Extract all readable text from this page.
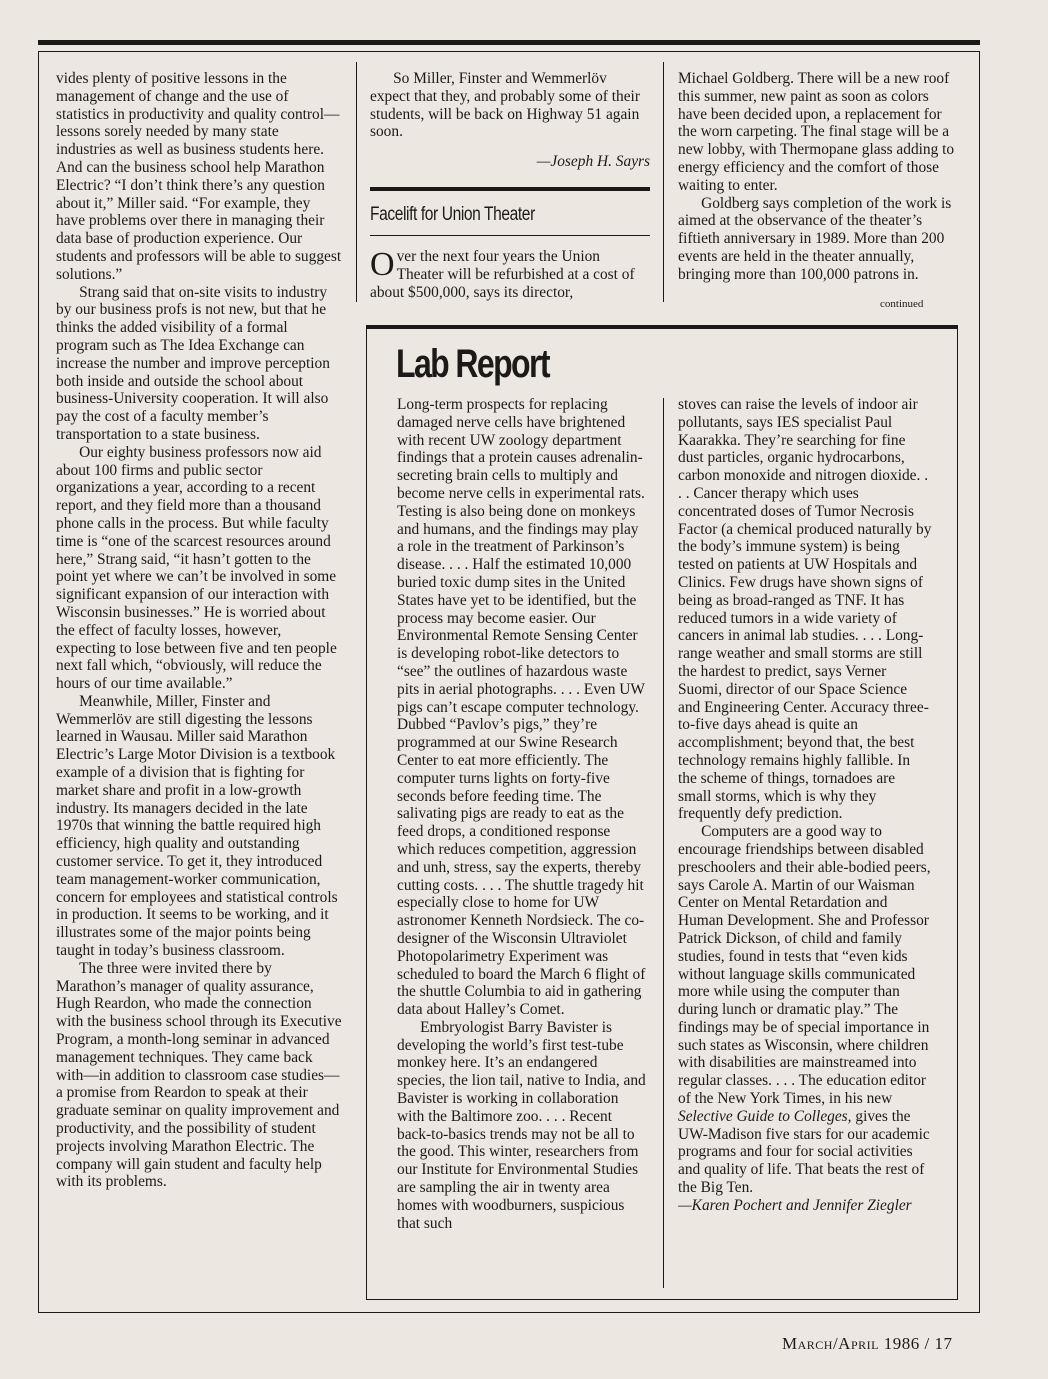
vides plenty of positive lessons in the management of change and the use of statistics in productivity and quality control—lessons sorely needed by many state industries as well as business students here. And can the business school help Marathon Electric? “I don’t think there’s any question about it,” Miller said. “For example, they have problems over there in managing their data base of production experience. Our students and professors will be able to suggest solutions.”

Strang said that on-site visits to industry by our business profs is not new, but that he thinks the added visibility of a formal program such as The Idea Exchange can increase the number and improve perception both inside and outside the school about business-University cooperation. It will also pay the cost of a faculty member’s transportation to a state business.

Our eighty business professors now aid about 100 firms and public sector organizations a year, according to a recent report, and they field more than a thousand phone calls in the process. But while faculty time is “one of the scarcest resources around here,” Strang said, “it hasn’t gotten to the point yet where we can’t be involved in some significant expansion of our interaction with Wisconsin businesses.” He is worried about the effect of faculty losses, however, expecting to lose between five and ten people next fall which, “obviously, will reduce the hours of our time available.”

Meanwhile, Miller, Finster and Wemmerlöv are still digesting the lessons learned in Wausau. Miller said Marathon Electric’s Large Motor Division is a textbook example of a division that is fighting for market share and profit in a low-growth industry. Its managers decided in the late 1970s that winning the battle required high efficiency, high quality and outstanding customer service. To get it, they introduced team management-worker communication, concern for employees and statistical controls in production. It seems to be working, and it illustrates some of the major points being taught in today’s business classroom.

The three were invited there by Marathon’s manager of quality assurance, Hugh Reardon, who made the connection with the business school through its Executive Program, a month-long seminar in advanced management techniques. They came back with—in addition to classroom case studies—a promise from Reardon to speak at their graduate seminar on quality improvement and productivity, and the possibility of student projects involving Marathon Electric. The company will gain student and faculty help with its problems.

So Miller, Finster and Wemmerlöv expect that they, and probably some of their students, will be back on Highway 51 again soon.

—Joseph H. Sayrs

Facelift for Union Theater

Over the next four years the Union Theater will be refurbished at a cost of about $500,000, says its director,

Michael Goldberg. There will be a new roof this summer, new paint as soon as colors have been decided upon, a replacement for the worn carpeting. The final stage will be a new lobby, with Thermopane glass adding to energy efficiency and the comfort of those waiting to enter.

Goldberg says completion of the work is aimed at the observance of the theater’s fiftieth anniversary in 1989. More than 200 events are held in the theater annually, bringing more than 100,000 patrons in.

continued
Lab Report

Long-term prospects for replacing damaged nerve cells have brightened with recent UW zoology department findings that a protein causes adrenalin-secreting brain cells to multiply and become nerve cells in experimental rats. Testing is also being done on monkeys and humans, and the findings may play a role in the treatment of Parkinson’s disease. . . . Half the estimated 10,000 buried toxic dump sites in the United States have yet to be identified, but the process may become easier. Our Environmental Remote Sensing Center is developing robot-like detectors to “see” the outlines of hazardous waste pits in aerial photographs. . . . Even UW pigs can’t escape computer technology. Dubbed “Pavlov’s pigs,” they’re programmed at our Swine Research Center to eat more efficiently. The computer turns lights on forty-five seconds before feeding time. The salivating pigs are ready to eat as the feed drops, a conditioned response which reduces competition, aggression and unh, stress, say the experts, thereby cutting costs. . . . The shuttle tragedy hit especially close to home for UW astronomer Kenneth Nordsieck. The co-designer of the Wisconsin Ultraviolet Photopolarimetry Experiment was scheduled to board the March 6 flight of the shuttle Columbia to aid in gathering data about Halley’s Comet.

Embryologist Barry Bavister is developing the world’s first test-tube monkey here. It’s an endangered species, the lion tail, native to India, and Bavister is working in collaboration with the Baltimore zoo. . . . Recent back-to-basics trends may not be all to the good. This winter, researchers from our Institute for Environmental Studies are sampling the air in twenty area homes with woodburners, suspicious that such

stoves can raise the levels of indoor air pollutants, says IES specialist Paul Kaarakka. They’re searching for fine dust particles, organic hydrocarbons, carbon monoxide and nitrogen dioxide. . . . Cancer therapy which uses concentrated doses of Tumor Necrosis Factor (a chemical produced naturally by the body’s immune system) is being tested on patients at UW Hospitals and Clinics. Few drugs have shown signs of being as broad-ranged as TNF. It has reduced tumors in a wide variety of cancers in animal lab studies. . . . Long-range weather and small storms are still the hardest to predict, says Verner Suomi, director of our Space Science and Engineering Center. Accuracy three-to-five days ahead is quite an accomplishment; beyond that, the best technology remains highly fallible. In the scheme of things, tornadoes are small storms, which is why they frequently defy prediction.

Computers are a good way to encourage friendships between disabled preschoolers and their able-bodied peers, says Carole A. Martin of our Waisman Center on Mental Retardation and Human Development. She and Professor Patrick Dickson, of child and family studies, found in tests that “even kids without language skills communicated more while using the computer than during lunch or dramatic play.” The findings may be of special importance in such states as Wisconsin, where children with disabilities are mainstreamed into regular classes. . . . The education editor of the New York Times, in his new Selective Guide to Colleges, gives the UW-Madison five stars for our academic programs and four for social activities and quality of life. That beats the rest of the Big Ten.

—Karen Pochert and Jennifer Ziegler

March/April 1986 / 17
